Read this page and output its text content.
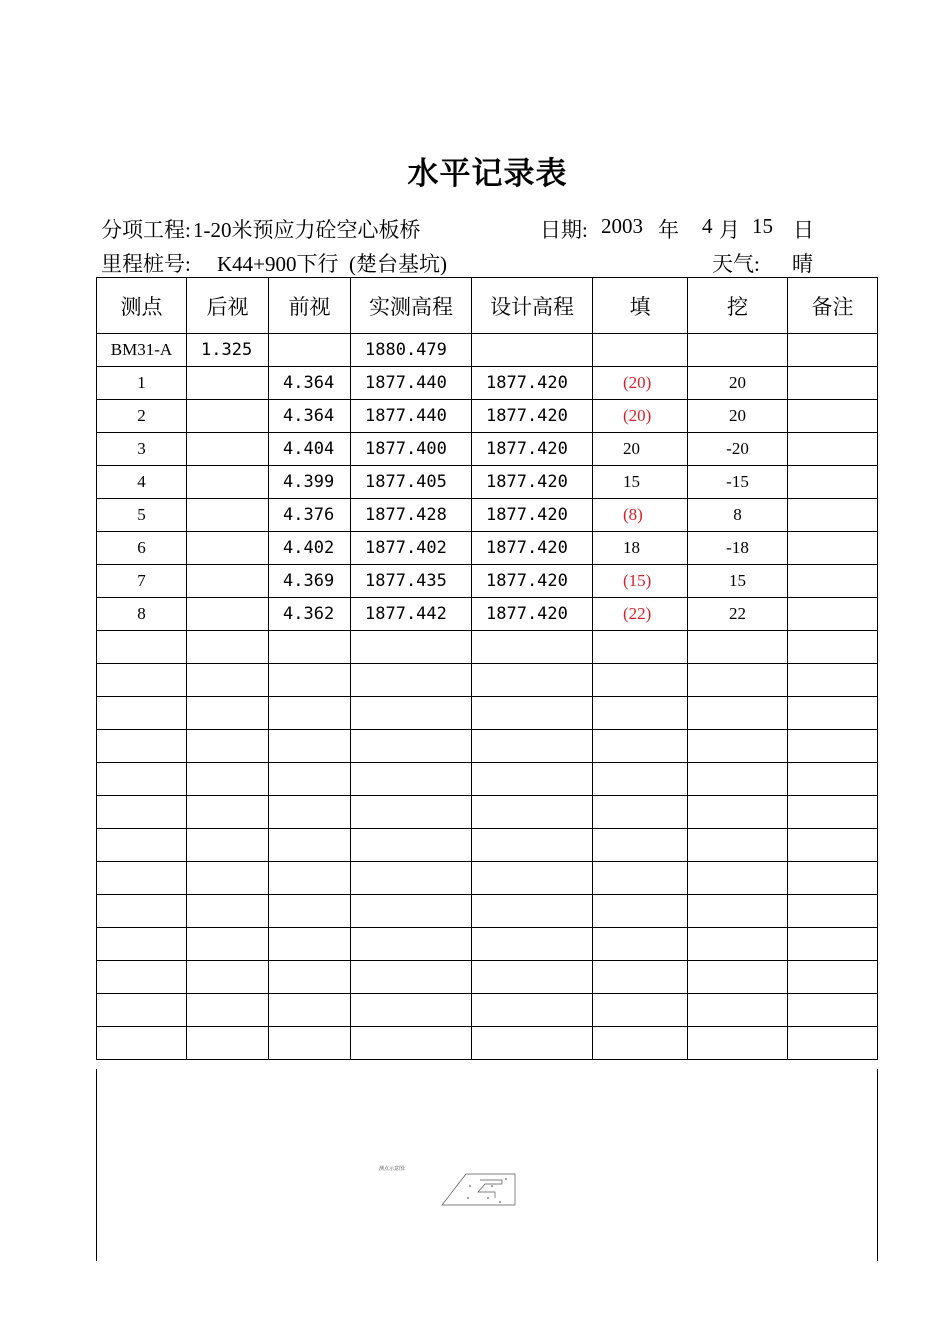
水平记录表
分项工程: 1-20米预应力砼空心板桥	日期: 2003 年 4 月 15 日
里程桩号: K44+900下行  (楚台基坑)	天气: 晴
测点	后视	前视	实测高程	设计高程	填	挖	备注
BM31-A	1.325		1880.479				
1		4.364	1877.440	1877.420	(20)	20	
2		4.364	1877.440	1877.420	(20)	20	
3		4.404	1877.400	1877.420	20	-20	
4		4.399	1877.405	1877.420	15	-15	
5		4.376	1877.428	1877.420	(8)	8	
6		4.402	1877.402	1877.420	18	-18	
7		4.369	1877.435	1877.420	(15)	15	
8		4.362	1877.442	1877.420	(22)	22	

测点示意图:
